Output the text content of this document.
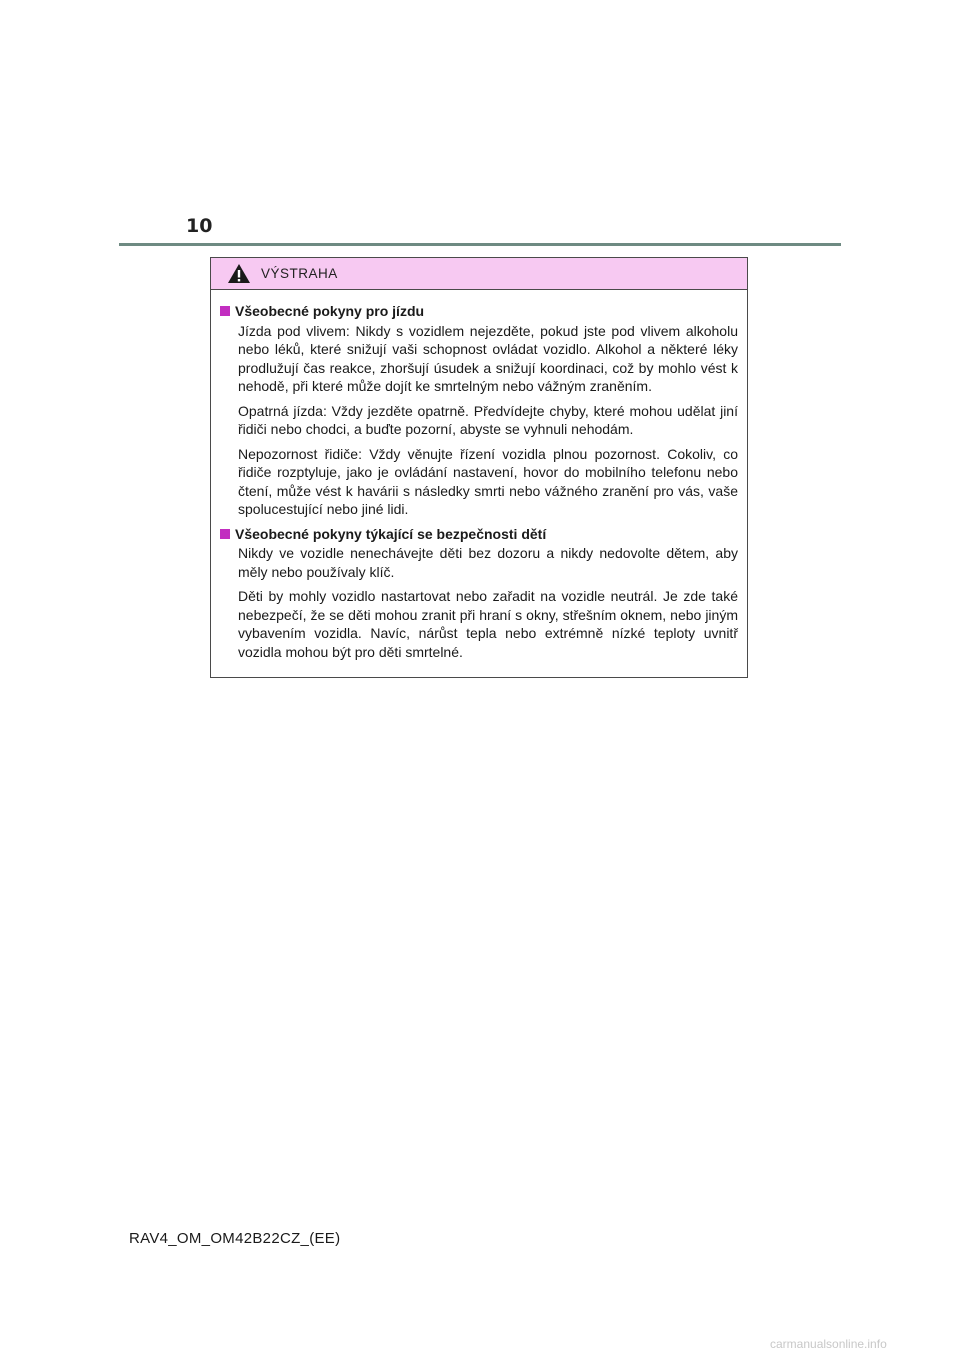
10
VÝSTRAHA
Všeobecné pokyny pro jízdu

Jízda pod vlivem: Nikdy s vozidlem nejezděte, pokud jste pod vlivem alkoholu nebo léků, které snižují vaši schopnost ovládat vozidlo. Alkohol a některé léky prodlužují čas reakce, zhoršují úsudek a snižují koordinaci, což by mohlo vést k nehodě, při které může dojít ke smrtelným nebo vážným zraněním.

Opatrná jízda: Vždy jezděte opatrně. Předvídejte chyby, které mohou udělat jiní řidiči nebo chodci, a buďte pozorní, abyste se vyhnuli nehodám.

Nepozornost řidiče: Vždy věnujte řízení vozidla plnou pozornost. Cokoliv, co řidiče rozptyluje, jako je ovládání nastavení, hovor do mobilního telefonu nebo čtení, může vést k havárii s následky smrti nebo vážného zranění pro vás, vaše spolucestující nebo jiné lidi.

Všeobecné pokyny týkající se bezpečnosti dětí

Nikdy ve vozidle nenechávejte děti bez dozoru a nikdy nedovolte dětem, aby měly nebo používaly klíč.

Děti by mohly vozidlo nastartovat nebo zařadit na vozidle neutrál. Je zde také nebezpečí, že se děti mohou zranit při hraní s okny, střešním oknem, nebo jiným vybavením vozidla. Navíc, nárůst tepla nebo extrémně nízké teploty uvnitř vozidla mohou být pro děti smrtelné.

RAV4_OM_OM42B22CZ_(EE)
carmanualsonline.info
